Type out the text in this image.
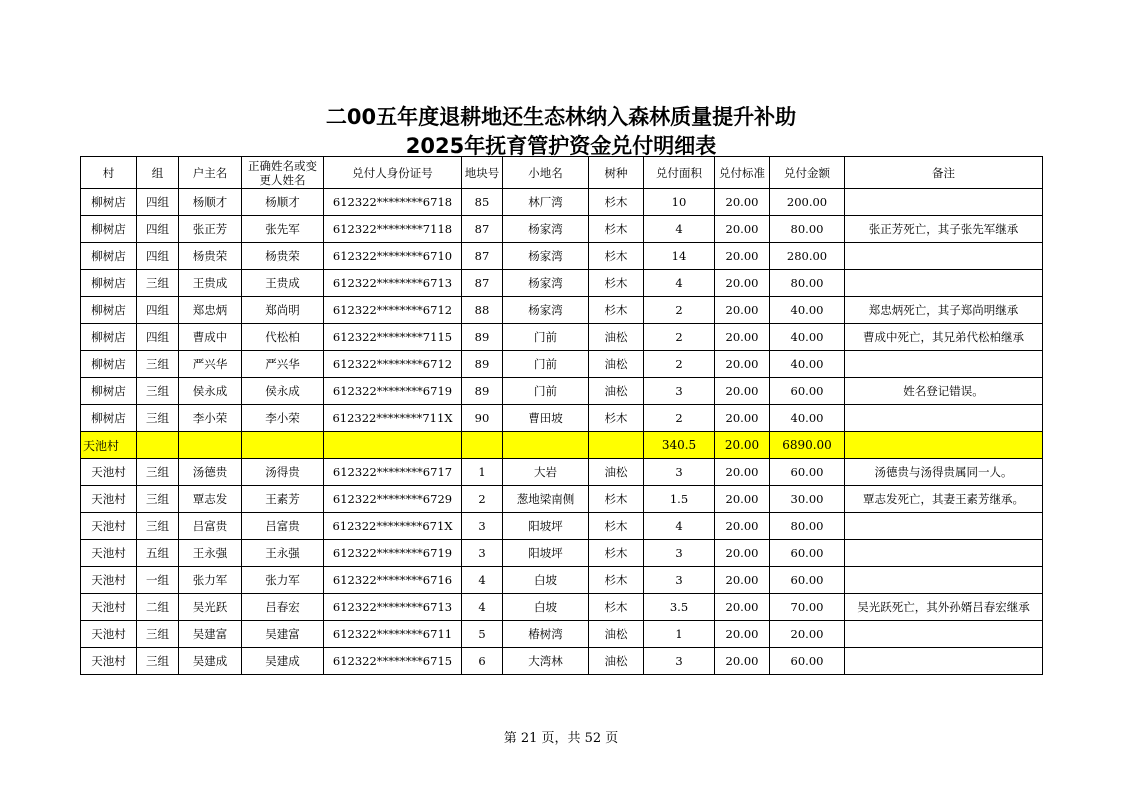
二00五年度退耕地还生态林纳入森林质量提升补助
2025年抚育管护资金兑付明细表
村	组	户主名	正确姓名或变更人姓名	兑付人身份证号	地块号	小地名	树种	兑付面积	兑付标准	兑付金额	备注
柳树店	四组	杨顺才	杨顺才	612322********6718	85	林厂湾	杉木	10	20.00	200.00	
柳树店	四组	张正芳	张先军	612322********7118	87	杨家湾	杉木	4	20.00	80.00	张正芳死亡，其子张先军继承
柳树店	四组	杨贵荣	杨贵荣	612322********6710	87	杨家湾	杉木	14	20.00	280.00	
柳树店	三组	王贵成	王贵成	612322********6713	87	杨家湾	杉木	4	20.00	80.00	
柳树店	四组	郑忠炳	郑尚明	612322********6712	88	杨家湾	杉木	2	20.00	40.00	郑忠炳死亡，其子郑尚明继承
柳树店	四组	曹成中	代松柏	612322********7115	89	门前	油松	2	20.00	40.00	曹成中死亡，其兄弟代松柏继承
柳树店	三组	严兴华	严兴华	612322********6712	89	门前	油松	2	20.00	40.00	
柳树店	三组	侯永成	侯永成	612322********6719	89	门前	油松	3	20.00	60.00	姓名登记错误。
柳树店	三组	李小荣	李小荣	612322********711X	90	曹田坡	杉木	2	20.00	40.00	
天池村								340.5	20.00	6890.00	
天池村	三组	汤德贵	汤得贵	612322********6717	1	大岩	油松	3	20.00	60.00	汤德贵与汤得贵属同一人。
天池村	三组	覃志发	王素芳	612322********6729	2	葱地梁南侧	杉木	1.5	20.00	30.00	覃志发死亡，其妻王素芳继承。
天池村	三组	吕富贵	吕富贵	612322********671X	3	阳坡坪	杉木	4	20.00	80.00	
天池村	五组	王永强	王永强	612322********6719	3	阳坡坪	杉木	3	20.00	60.00	
天池村	一组	张力军	张力军	612322********6716	4	白坡	杉木	3	20.00	60.00	
天池村	二组	吴光跃	吕春宏	612322********6713	4	白坡	杉木	3.5	20.00	70.00	吴光跃死亡，其外孙婿吕春宏继承
天池村	三组	吴建富	吴建富	612322********6711	5	椿树湾	油松	1	20.00	20.00	
天池村	三组	吴建成	吴建成	612322********6715	6	大湾林	油松	3	20.00	60.00	
第 21 页，共 52 页
